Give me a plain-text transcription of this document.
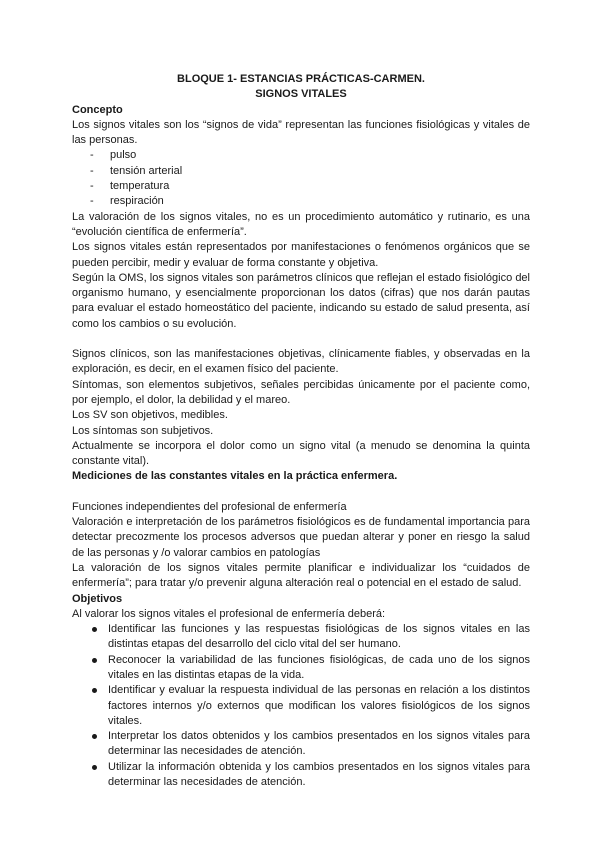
BLOQUE 1- ESTANCIAS PRÁCTICAS-CARMEN.

SIGNOS VITALES

Concepto

Los signos vitales son los “signos de vida” representan las funciones fisiológicas y vitales de las personas.

- pulso
- tensión arterial
- temperatura
- respiración

La valoración de los signos vitales, no es un procedimiento automático y rutinario, es una “evolución científica de enfermería”.

Los signos vitales están representados por manifestaciones o fenómenos orgánicos que se pueden percibir, medir y evaluar de forma constante y objetiva.

Según la OMS, los signos vitales son parámetros clínicos que reflejan el estado fisiológico del organismo humano, y esencialmente proporcionan los datos (cifras) que nos darán pautas para evaluar el estado homeostático del paciente, indicando su estado de salud presenta, así como los cambios o su evolución.

Signos clínicos, son las manifestaciones objetivas, clínicamente fiables, y observadas en la exploración, es decir, en el examen físico del paciente.

Síntomas, son elementos subjetivos, señales percibidas únicamente por el paciente como, por ejemplo, el dolor, la debilidad y el mareo.

Los SV son objetivos, medibles.

Los síntomas son subjetivos.

Actualmente se incorpora el dolor como un signo vital (a menudo se denomina la quinta constante vital).

Mediciones de las constantes vitales en la práctica enfermera.

Funciones independientes del profesional de enfermería

Valoración e interpretación de los parámetros fisiológicos es de fundamental importancia para detectar precozmente los procesos adversos que puedan alterar y poner en riesgo la salud de las personas y /o valorar cambios en patologías

La valoración de los signos vitales permite planificar e individualizar los “cuidados de enfermería”; para tratar y/o prevenir alguna alteración real o potencial en el estado de salud.

Objetivos

Al valorar los signos vitales el profesional de enfermería deberá:

Identificar las funciones y las respuestas fisiológicas de los signos vitales en las distintas etapas del desarrollo del ciclo vital del ser humano.
Reconocer la variabilidad de las funciones fisiológicas, de cada uno de los signos vitales en las distintas etapas de la vida.
Identificar y evaluar la respuesta individual de las personas en relación a los distintos factores internos y/o externos que modifican los valores fisiológicos de los signos vitales.
Interpretar los datos obtenidos y los cambios presentados en los signos vitales para determinar las necesidades de atención.
Utilizar la información obtenida y los cambios presentados en los signos vitales para determinar las necesidades de atención.
